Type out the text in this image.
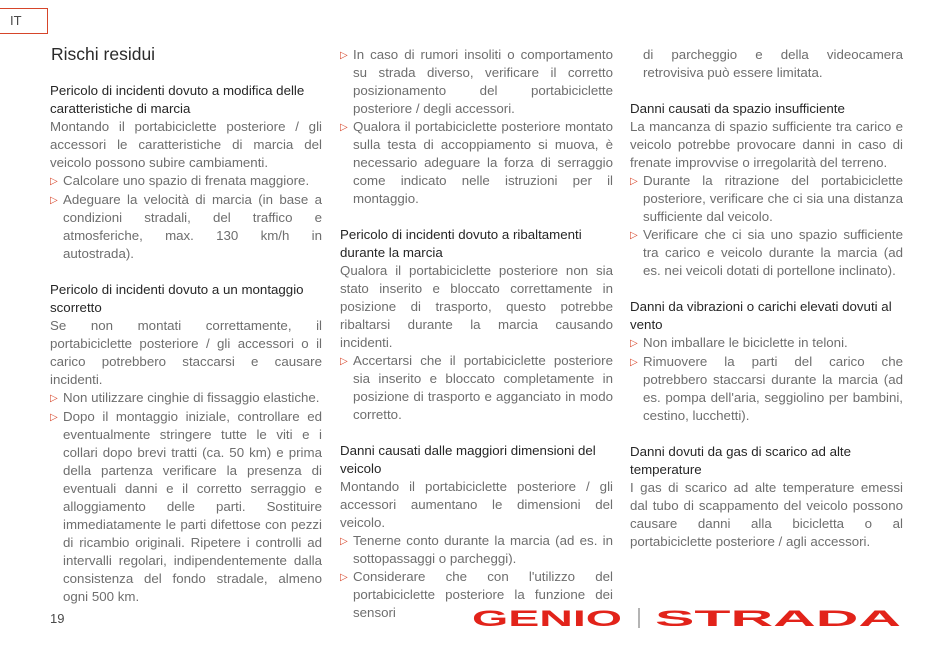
IT
Rischi residui
Pericolo di incidenti dovuto a modifica delle caratteristiche di marcia
Montando il portabiciclette posteriore / gli accessori le caratteristiche di marcia del veicolo possono subire cambiamenti.
▷ Calcolare uno spazio di frenata maggiore.
▷ Adeguare la velocità di marcia (in base a condizioni stradali, del traffico e atmosferiche, max. 130 km/h in autostrada).
Pericolo di incidenti dovuto a un montaggio scorretto
Se non montati correttamente, il portabiciclette posteriore / gli accessori o il carico potrebbero staccarsi e causare incidenti.
▷ Non utilizzare cinghie di fissaggio elastiche.
▷ Dopo il montaggio iniziale, controllare ed eventualmente stringere tutte le viti e i collari dopo brevi tratti (ca. 50 km) e prima della partenza verificare la presenza di eventuali danni e il corretto serraggio e alloggiamento delle parti. Sostituire immediatamente le parti difettose con pezzi di ricambio originali. Ripetere i controlli ad intervalli regolari, indipendentemente dalla consistenza del fondo stradale, almeno ogni 500 km.
▷ In caso di rumori insoliti o comportamento su strada diverso, verificare il corretto posizionamento del portabiciclette posteriore / degli accessori.
▷ Qualora il portabiciclette posteriore montato sulla testa di accoppiamento si muova, è necessario adeguare la forza di serraggio come indicato nelle istruzioni per il montaggio.
Pericolo di incidenti dovuto a ribaltamenti durante la marcia
Qualora il portabiciclette posteriore non sia stato inserito e bloccato correttamente in posizione di trasporto, questo potrebbe ribaltarsi durante la marcia causando incidenti.
▷ Accertarsi che il portabiciclette posteriore sia inserito e bloccato completamente in posizione di trasporto e agganciato in modo corretto.
Danni causati dalle maggiori dimensioni del veicolo
Montando il portabiciclette posteriore / gli accessori aumentano le dimensioni del veicolo.
▷ Tenerne conto durante la marcia (ad es. in sottopassaggi o parcheggi).
▷ Considerare che con l'utilizzo del portabiciclette posteriore la funzione dei sensori
di parcheggio e della videocamera retrovisiva può essere limitata.
Danni causati da spazio insufficiente
La mancanza di spazio sufficiente tra carico e veicolo potrebbe provocare danni in caso di frenate improvvise o irregolarità del terreno.
▷ Durante la ritrazione del portabiciclette posteriore, verificare che ci sia una distanza sufficiente dal veicolo.
▷ Verificare che ci sia uno spazio sufficiente tra carico e veicolo durante la marcia (ad es. nei veicoli dotati di portellone inclinato).
Danni da vibrazioni o carichi elevati dovuti al vento
▷ Non imballare le biciclette in teloni.
▷ Rimuovere la parti del carico che potrebbero staccarsi durante la marcia (ad es. pompa dell'aria, seggiolino per bambini, cestino, lucchetti).
Danni dovuti da gas di scarico ad alte temperature
I gas di scarico ad alte temperature emessi dal tubo di scappamento del veicolo possono causare danni alla bicicletta o al portabiciclette posteriore / agli accessori.
19	GENIO STRADA
